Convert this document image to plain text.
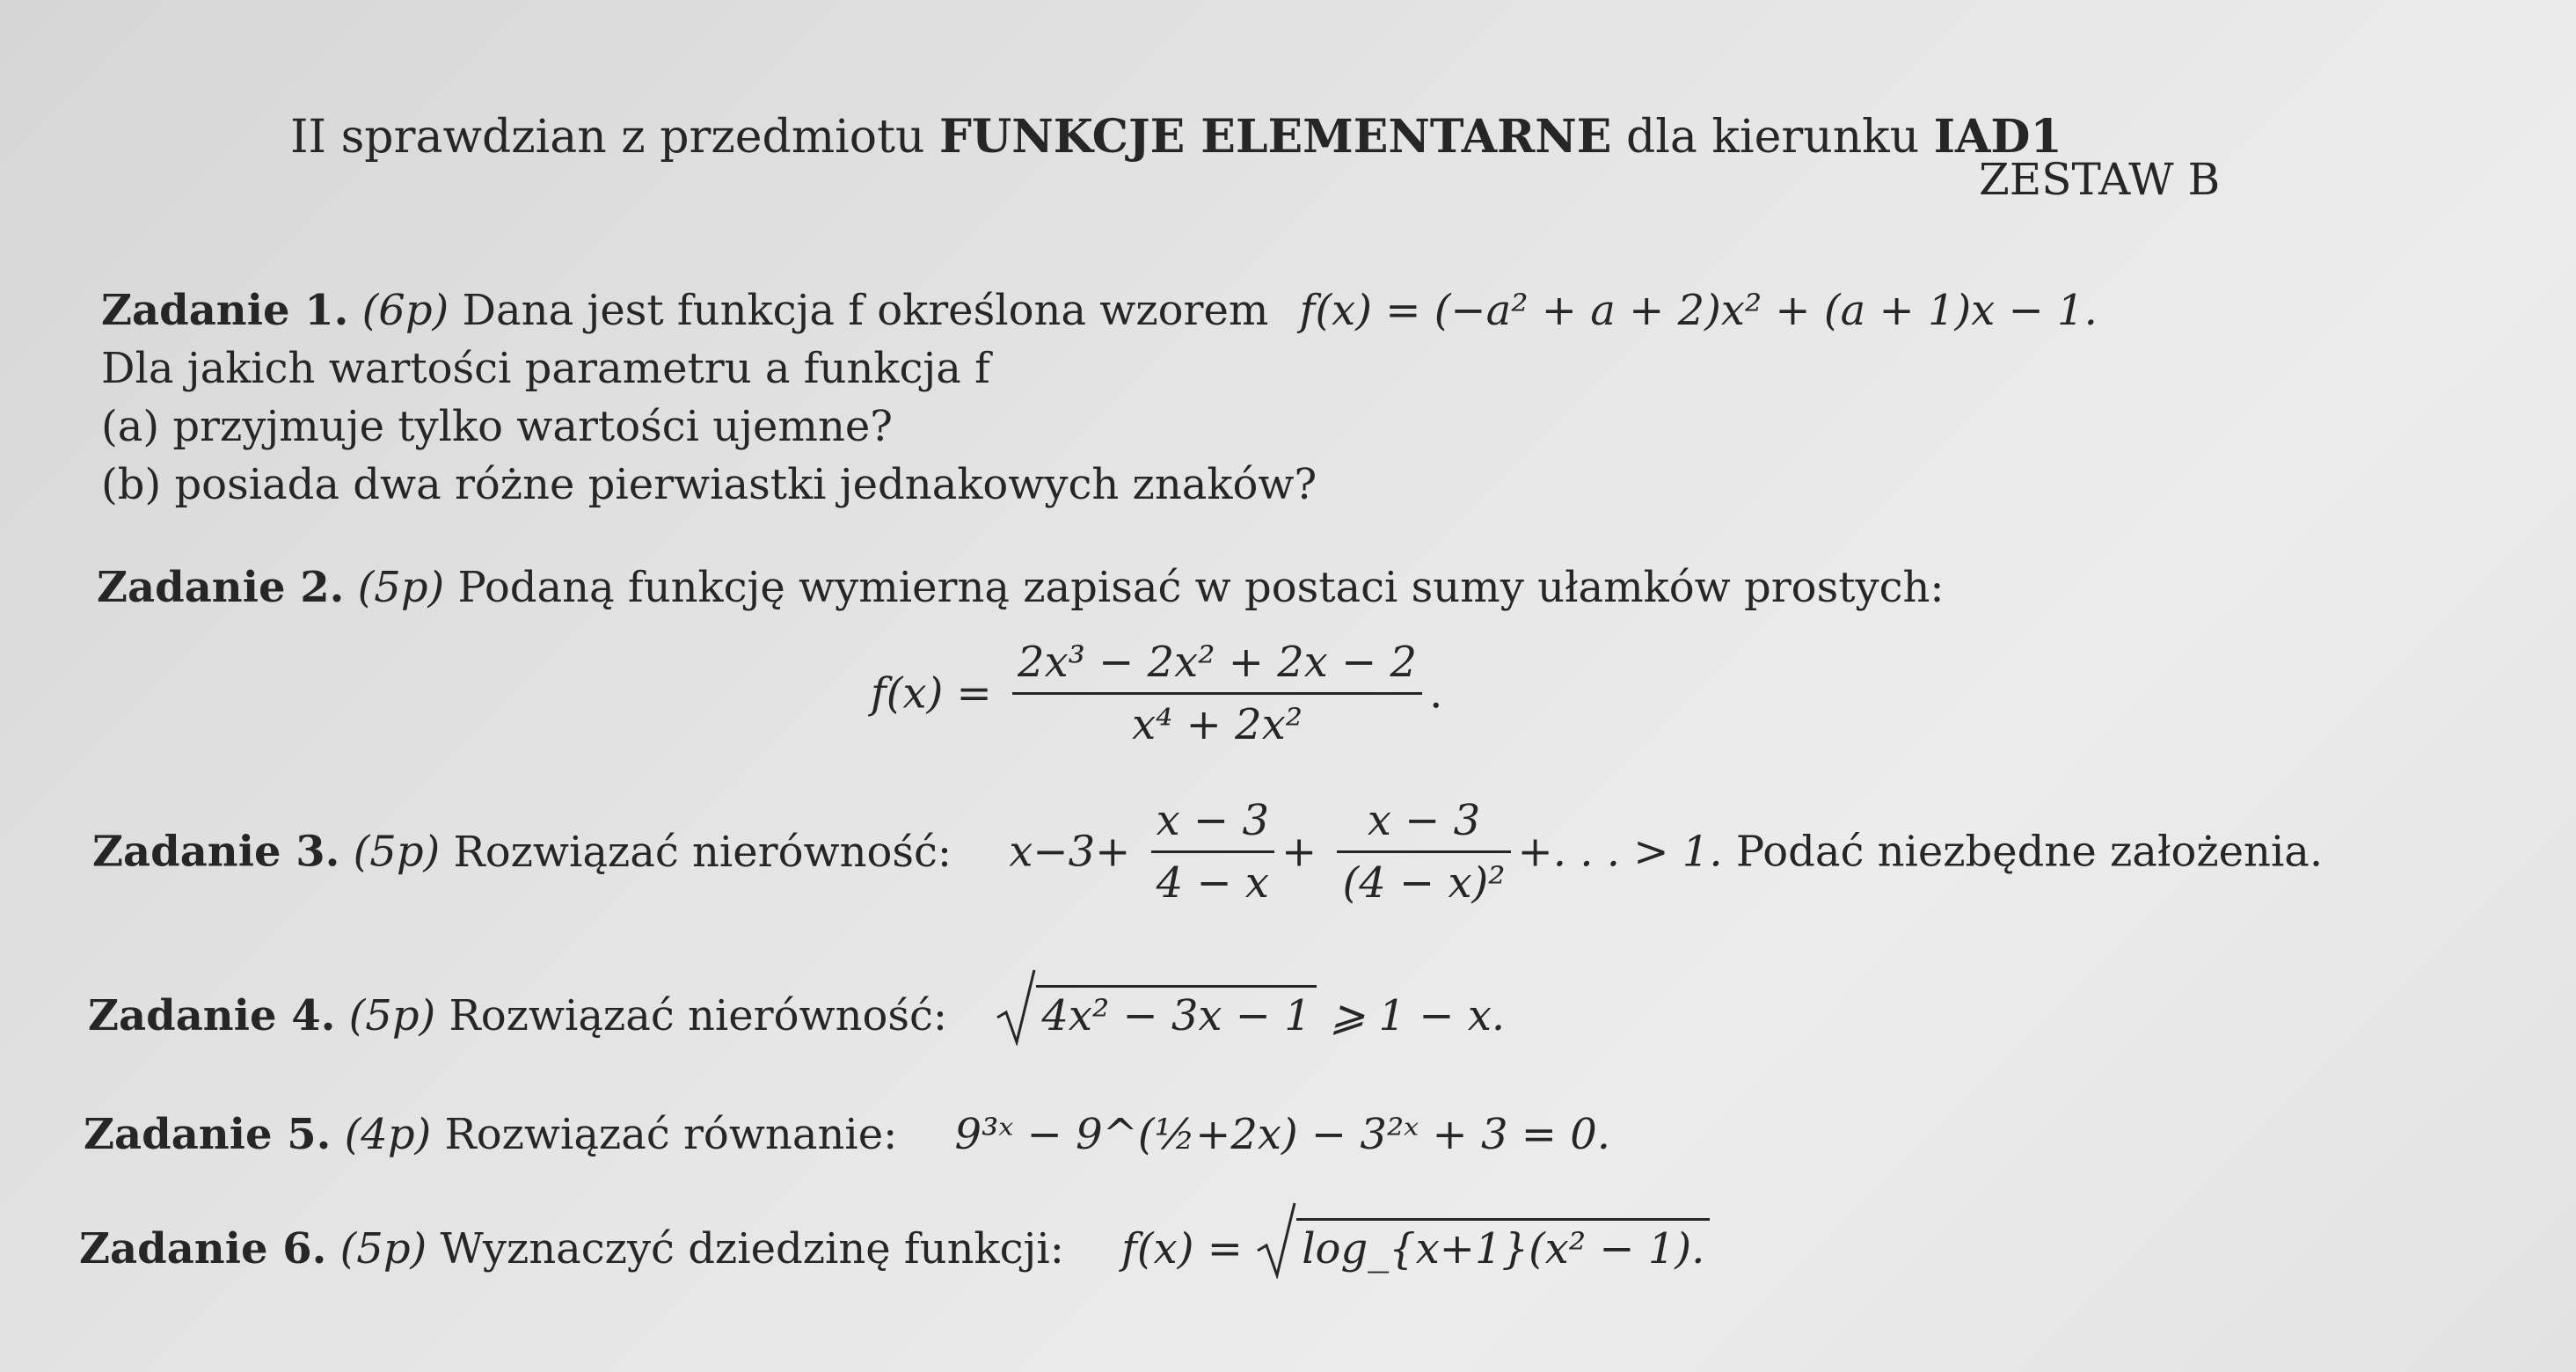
II sprawdzian z przedmiotu FUNKCJE ELEMENTARNE dla kierunku IAD1
ZESTAW B
Zadanie 1. (6p) Dana jest funkcja f określona wzorem f(x) = (−a² + a + 2)x² + (a + 1)x − 1.
Dla jakich wartości parametru a funkcja f
(a) przyjmuje tylko wartości ujemne?
(b) posiada dwa różne pierwiastki jednakowych znaków?
Zadanie 2. (5p) Podaną funkcję wymierną zapisać w postaci sumy ułamków prostych:
$f(x) = \frac{\text{2x³ − 2x² + 2x − 2}}{\text{x⁴ + 2x²}}$ .
Zadanie 3. (5p) Rozwiązać nierówność: $x-3+ \frac{x - 3}{4 - x} + \frac{x - 3}{\text{(4 − x)²}}$ +. . . > 1. Podać niezbędne założenia.
Zadanie 4. (5p) Rozwiązać nierówność: 4x² − 3x − 1 ⩾ 1 − x.
Zadanie 5. (4p) Rozwiązać równanie: 9³ˣ − 9^(½+2x) − 3²ˣ + 3 = 0.
Zadanie 6. (5p) Wyznaczyć dziedzinę funkcji: f(x) = log_{x+1}(x² − 1).
